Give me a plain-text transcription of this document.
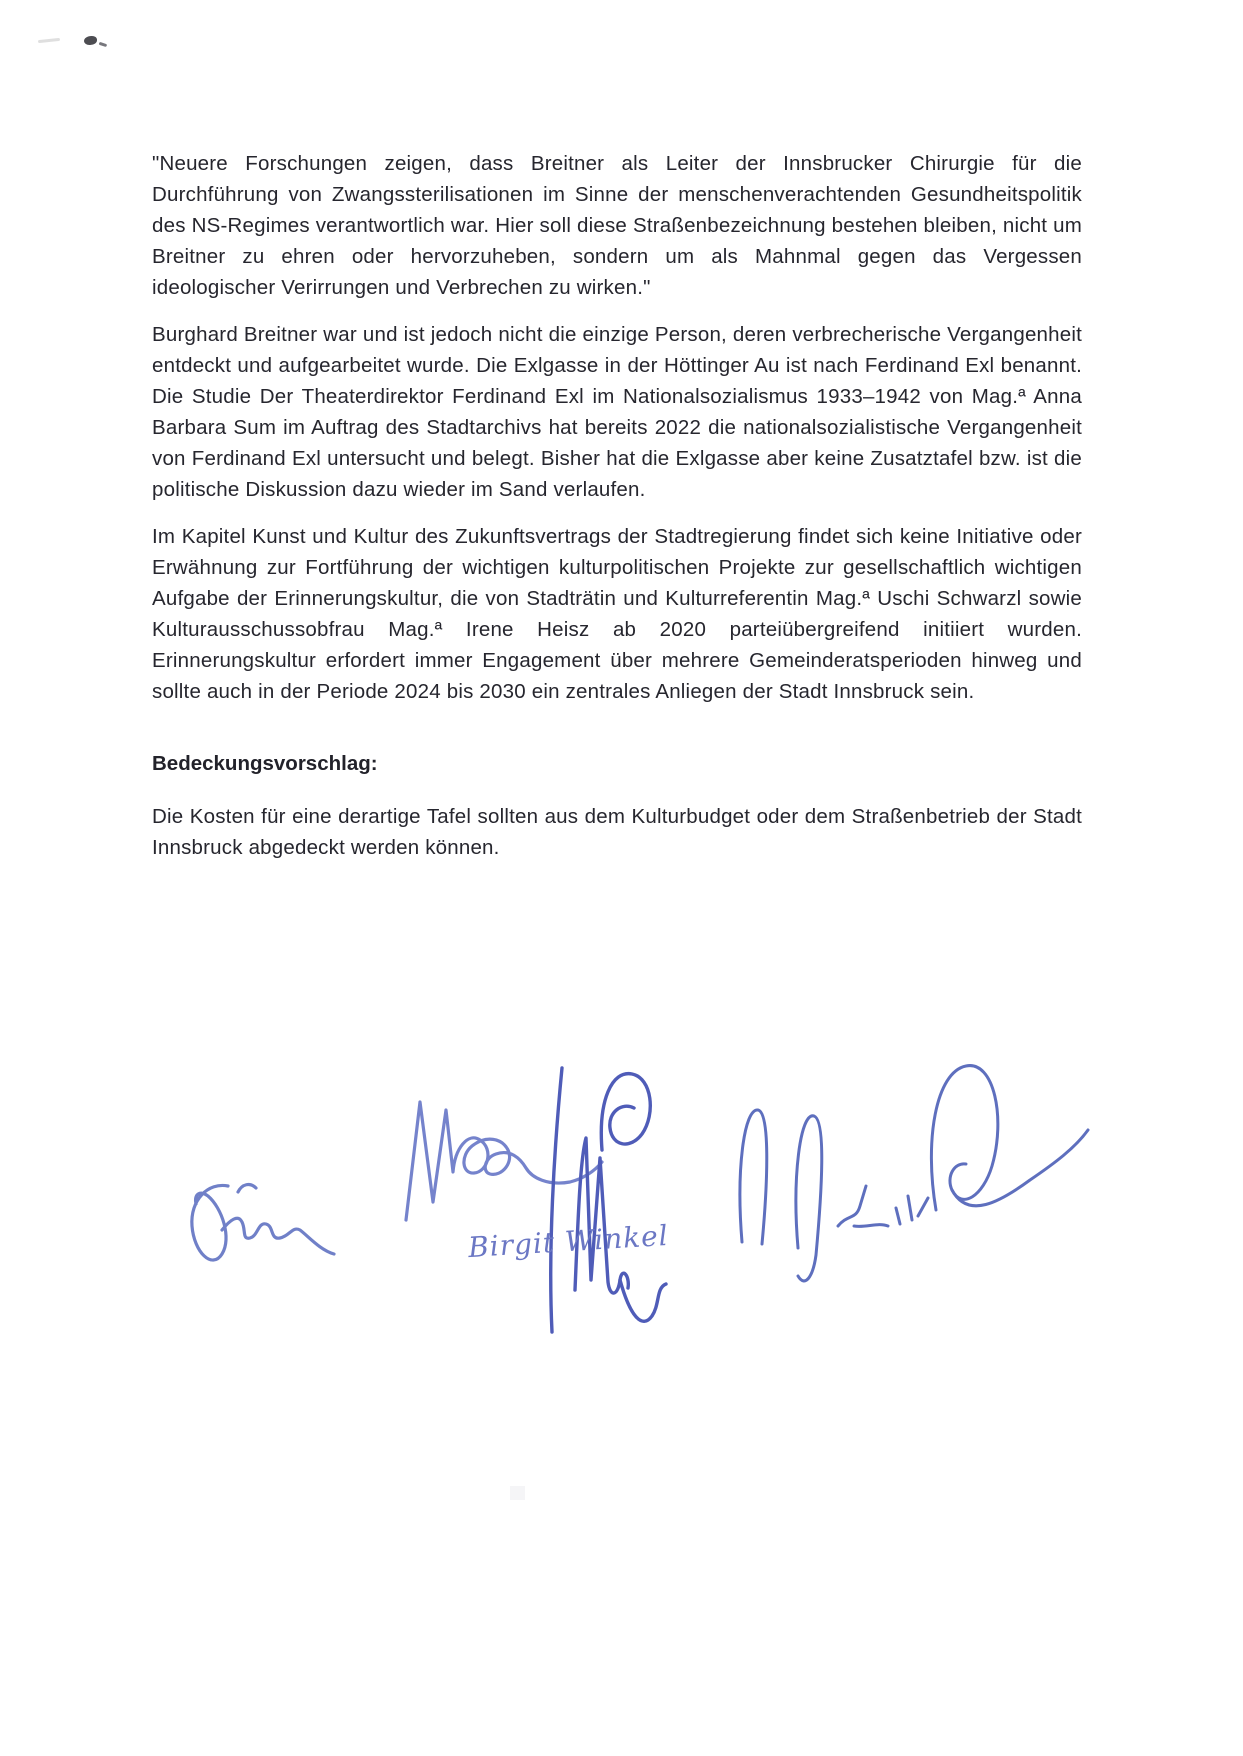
"Neuere Forschungen zeigen, dass Breitner als Leiter der Innsbrucker Chirurgie für die Durchführung von Zwangssterilisationen im Sinne der menschenverachtenden Gesundheitspolitik des NS-Regimes verantwortlich war. Hier soll diese Straßenbezeichnung bestehen bleiben, nicht um Breitner zu ehren oder hervorzuheben, sondern um als Mahnmal gegen das Vergessen ideologischer Verirrungen und Verbrechen zu wirken."

Burghard Breitner war und ist jedoch nicht die einzige Person, deren verbrecherische Vergangenheit entdeckt und aufgearbeitet wurde. Die Exlgasse in der Höttinger Au ist nach Ferdinand Exl benannt. Die Studie Der Theaterdirektor Ferdinand Exl im Nationalsozialismus 1933–1942 von Mag.ª Anna Barbara Sum im Auftrag des Stadtarchivs hat bereits 2022 die nationalsozialistische Vergangenheit von Ferdinand Exl untersucht und belegt. Bisher hat die Exlgasse aber keine Zusatztafel bzw. ist die politische Diskussion dazu wieder im Sand verlaufen.

Im Kapitel Kunst und Kultur des Zukunftsvertrags der Stadtregierung findet sich keine Initiative oder Erwähnung zur Fortführung der wichtigen kulturpolitischen Projekte zur gesellschaftlich wichtigen Aufgabe der Erinnerungskultur, die von Stadträtin und Kulturreferentin Mag.ª Uschi Schwarzl sowie Kulturausschussobfrau Mag.ª Irene Heisz ab 2020 parteiübergreifend initiiert wurden. Erinnerungskultur erfordert immer Engagement über mehrere Gemeinderatsperioden hinweg und sollte auch in der Periode 2024 bis 2030 ein zentrales Anliegen der Stadt Innsbruck sein.

Bedeckungsvorschlag:

Die Kosten für eine derartige Tafel sollten aus dem Kulturbudget oder dem Straßenbetrieb der Stadt Innsbruck abgedeckt werden können.

Birgit Winkel
